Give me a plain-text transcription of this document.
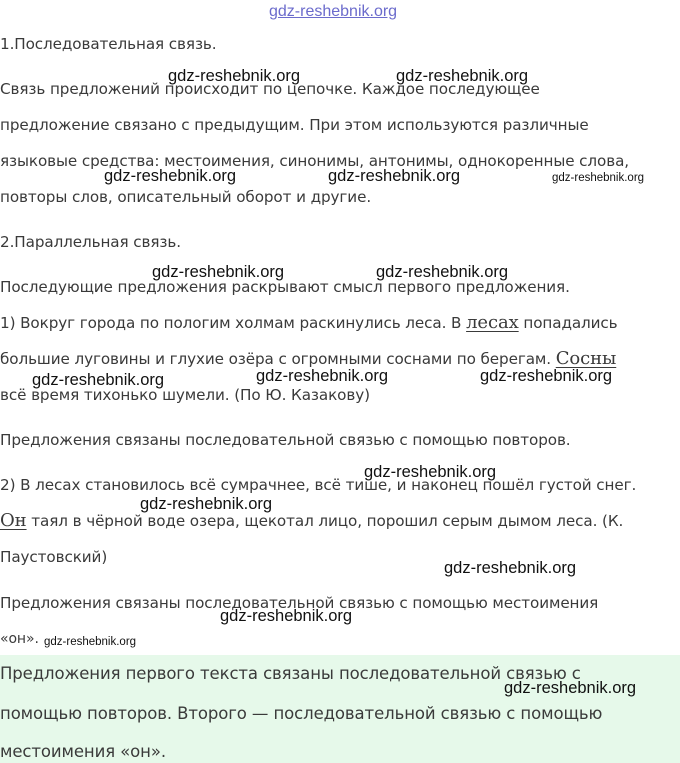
gdz-reshebnik.org
1.Последовательная связь.
Связь предложений происходит по цепочке. Каждое последующее
предложение связано с предыдущим. При этом используются различные
языковые средства: местоимения, синонимы, антонимы, однокоренные слова,
повторы слов, описательный оборот и другие.
2.Параллельная связь.
Последующие предложения раскрывают смысл первого предложения.
1) Вокруг города по пологим холмам раскинулись леса. В лесах попадались
большие луговины и глухие озёра с огромными соснами по берегам. Сосны
всё время тихонько шумели. (По Ю. Казакову)
Предложения связаны последовательной связью с помощью повторов.
2) В лесах становилось всё сумрачнее, всё тише, и наконец пошёл густой снег.
Он таял в чёрной воде озера, щекотал лицо, порошил серым дымом леса. (К.
Паустовский)
Предложения связаны последовательной связью с помощью местоимения
«он».
Предложения первого текста связаны последовательной связью с
помощью повторов. Второго — последовательной связью с помощью
местоимения «он».
gdz-reshebnik.org	gdz-reshebnik.org
gdz-reshebnik.org	gdz-reshebnik.org	gdz-reshebnik.org
gdz-reshebnik.org	gdz-reshebnik.org
gdz-reshebnik.org	gdz-reshebnik.org	gdz-reshebnik.org
gdz-reshebnik.org
gdz-reshebnik.org
gdz-reshebnik.org
gdz-reshebnik.org
gdz-reshebnik.org
gdz-reshebnik.org
